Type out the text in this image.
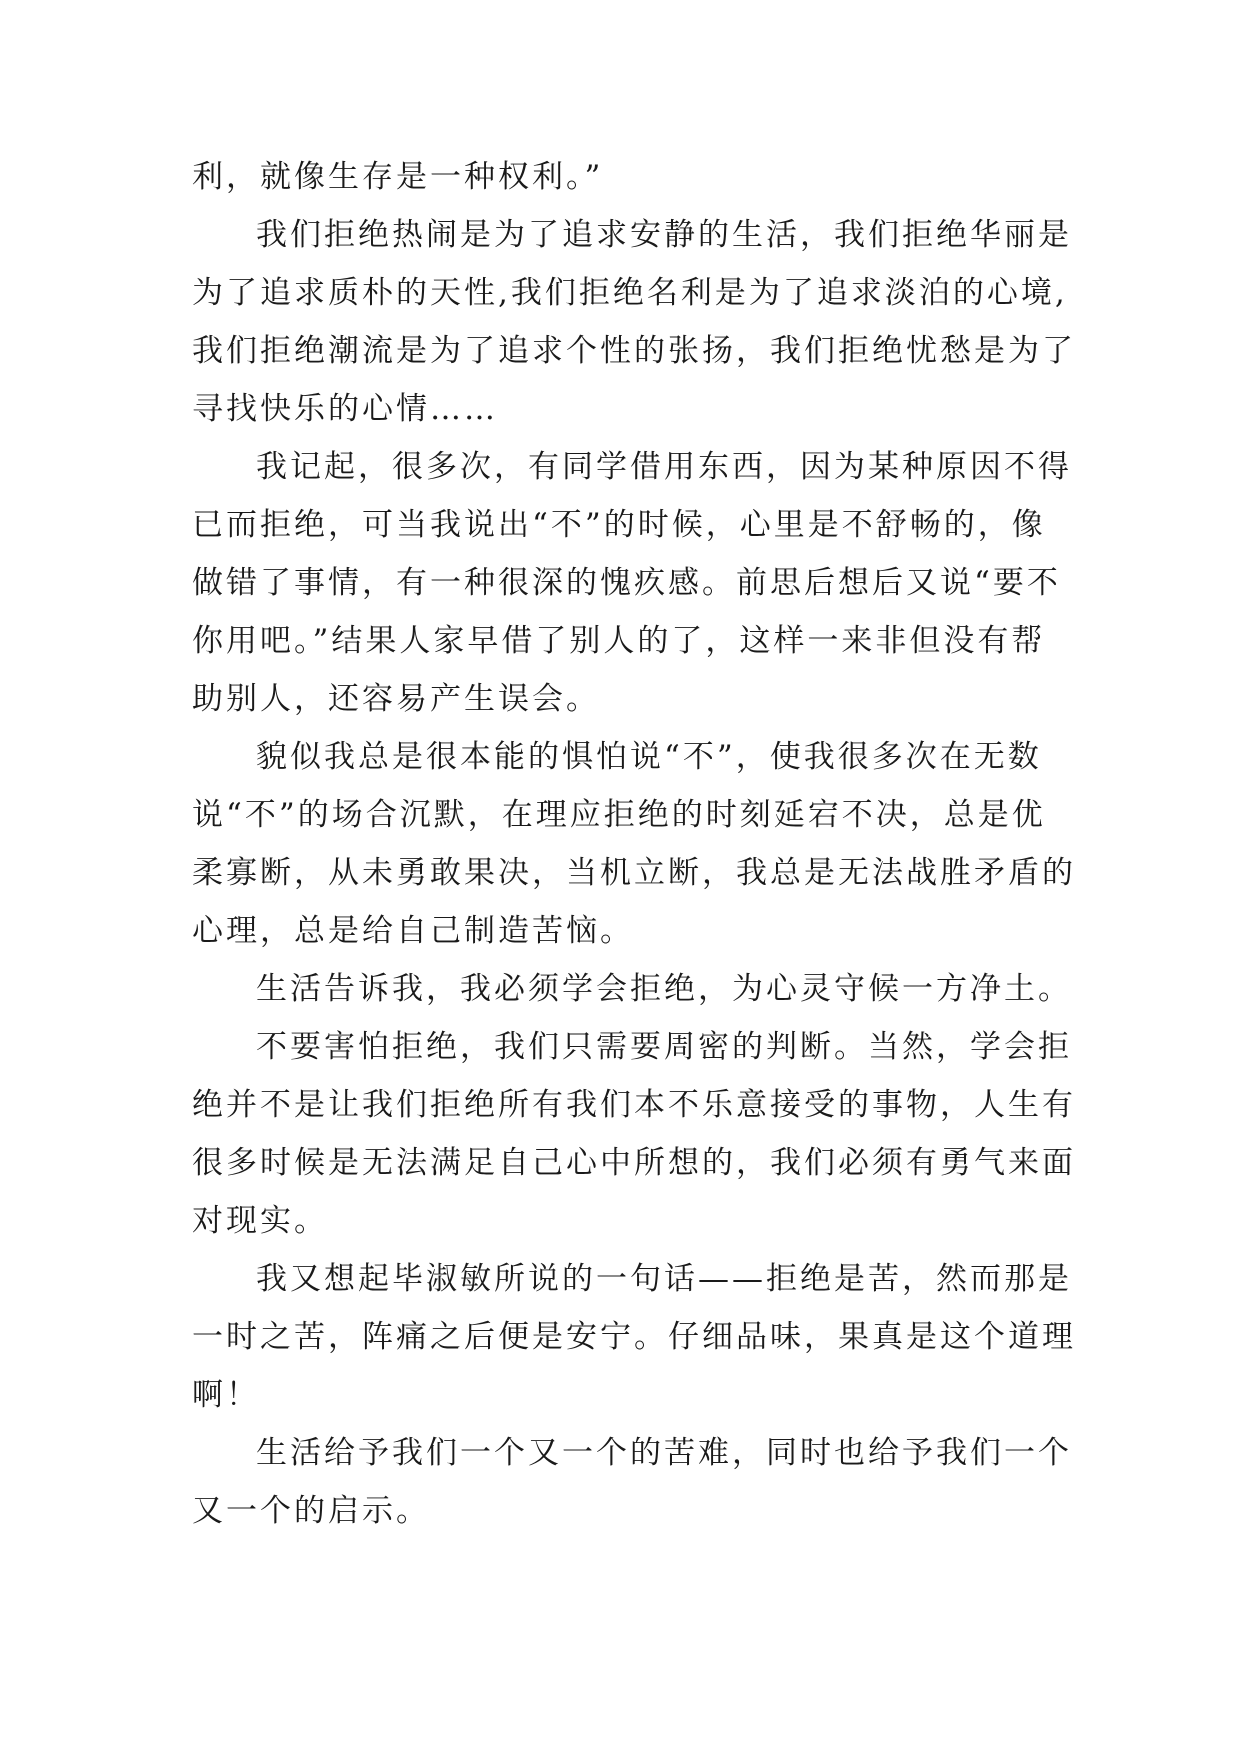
利，就像生存是一种权利。”
我们拒绝热闹是为了追求安静的生活，我们拒绝华丽是
为了追求质朴的天性,我们拒绝名利是为了追求淡泊的心境,
我们拒绝潮流是为了追求个性的张扬，我们拒绝忧愁是为了
寻找快乐的心情……
我记起，很多次，有同学借用东西，因为某种原因不得
已而拒绝，可当我说出“不”的时候，心里是不舒畅的，像
做错了事情，有一种很深的愧疚感。前思后想后又说“要不
你用吧。”结果人家早借了别人的了，这样一来非但没有帮
助别人，还容易产生误会。
貌似我总是很本能的惧怕说“不”，使我很多次在无数
说“不”的场合沉默，在理应拒绝的时刻延宕不决，总是优
柔寡断，从未勇敢果决，当机立断，我总是无法战胜矛盾的
心理，总是给自己制造苦恼。
生活告诉我，我必须学会拒绝，为心灵守候一方净土。
不要害怕拒绝，我们只需要周密的判断。当然，学会拒
绝并不是让我们拒绝所有我们本不乐意接受的事物，人生有
很多时候是无法满足自己心中所想的，我们必须有勇气来面
对现实。
我又想起毕淑敏所说的一句话——拒绝是苦，然而那是
一时之苦，阵痛之后便是安宁。仔细品味，果真是这个道理
啊！
生活给予我们一个又一个的苦难，同时也给予我们一个
又一个的启示。
